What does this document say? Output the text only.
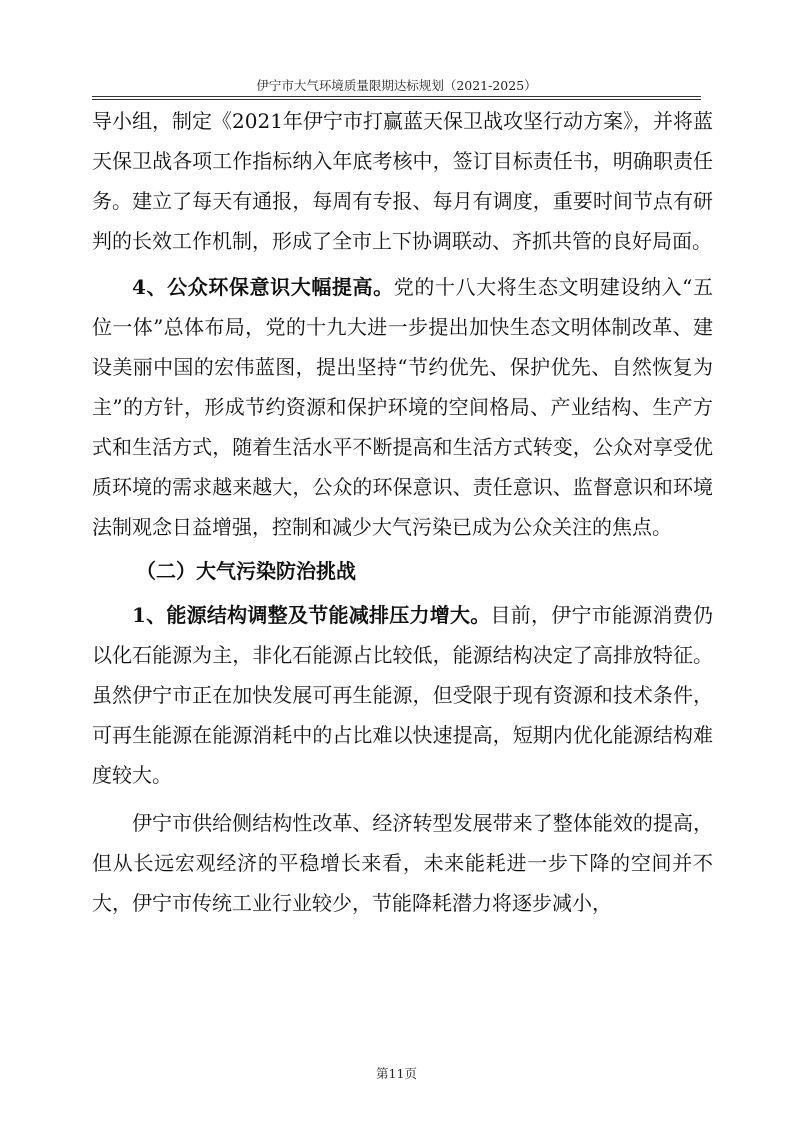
伊宁市大气环境质量限期达标规划（2021-2025）

导小组，制定《2021年伊宁市打赢蓝天保卫战攻坚行动方案》，并将蓝天保卫战各项工作指标纳入年底考核中，签订目标责任书，明确职责任务。建立了每天有通报，每周有专报、每月有调度，重要时间节点有研判的长效工作机制，形成了全市上下协调联动、齐抓共管的良好局面。

4、公众环保意识大幅提高。党的十八大将生态文明建设纳入“五位一体”总体布局，党的十九大进一步提出加快生态文明体制改革、建设美丽中国的宏伟蓝图，提出坚持“节约优先、保护优先、自然恢复为主”的方针，形成节约资源和保护环境的空间格局、产业结构、生产方式和生活方式，随着生活水平不断提高和生活方式转变，公众对享受优质环境的需求越来越大，公众的环保意识、责任意识、监督意识和环境法制观念日益增强，控制和减少大气污染已成为公众关注的焦点。

（二）大气污染防治挑战

1、能源结构调整及节能减排压力增大。目前，伊宁市能源消费仍以化石能源为主，非化石能源占比较低，能源结构决定了高排放特征。虽然伊宁市正在加快发展可再生能源，但受限于现有资源和技术条件，可再生能源在能源消耗中的占比难以快速提高，短期内优化能源结构难度较大。

伊宁市供给侧结构性改革、经济转型发展带来了整体能效的提高，但从长远宏观经济的平稳增长来看，未来能耗进一步下降的空间并不大，伊宁市传统工业行业较少，节能降耗潜力将逐步减小，

第11页
